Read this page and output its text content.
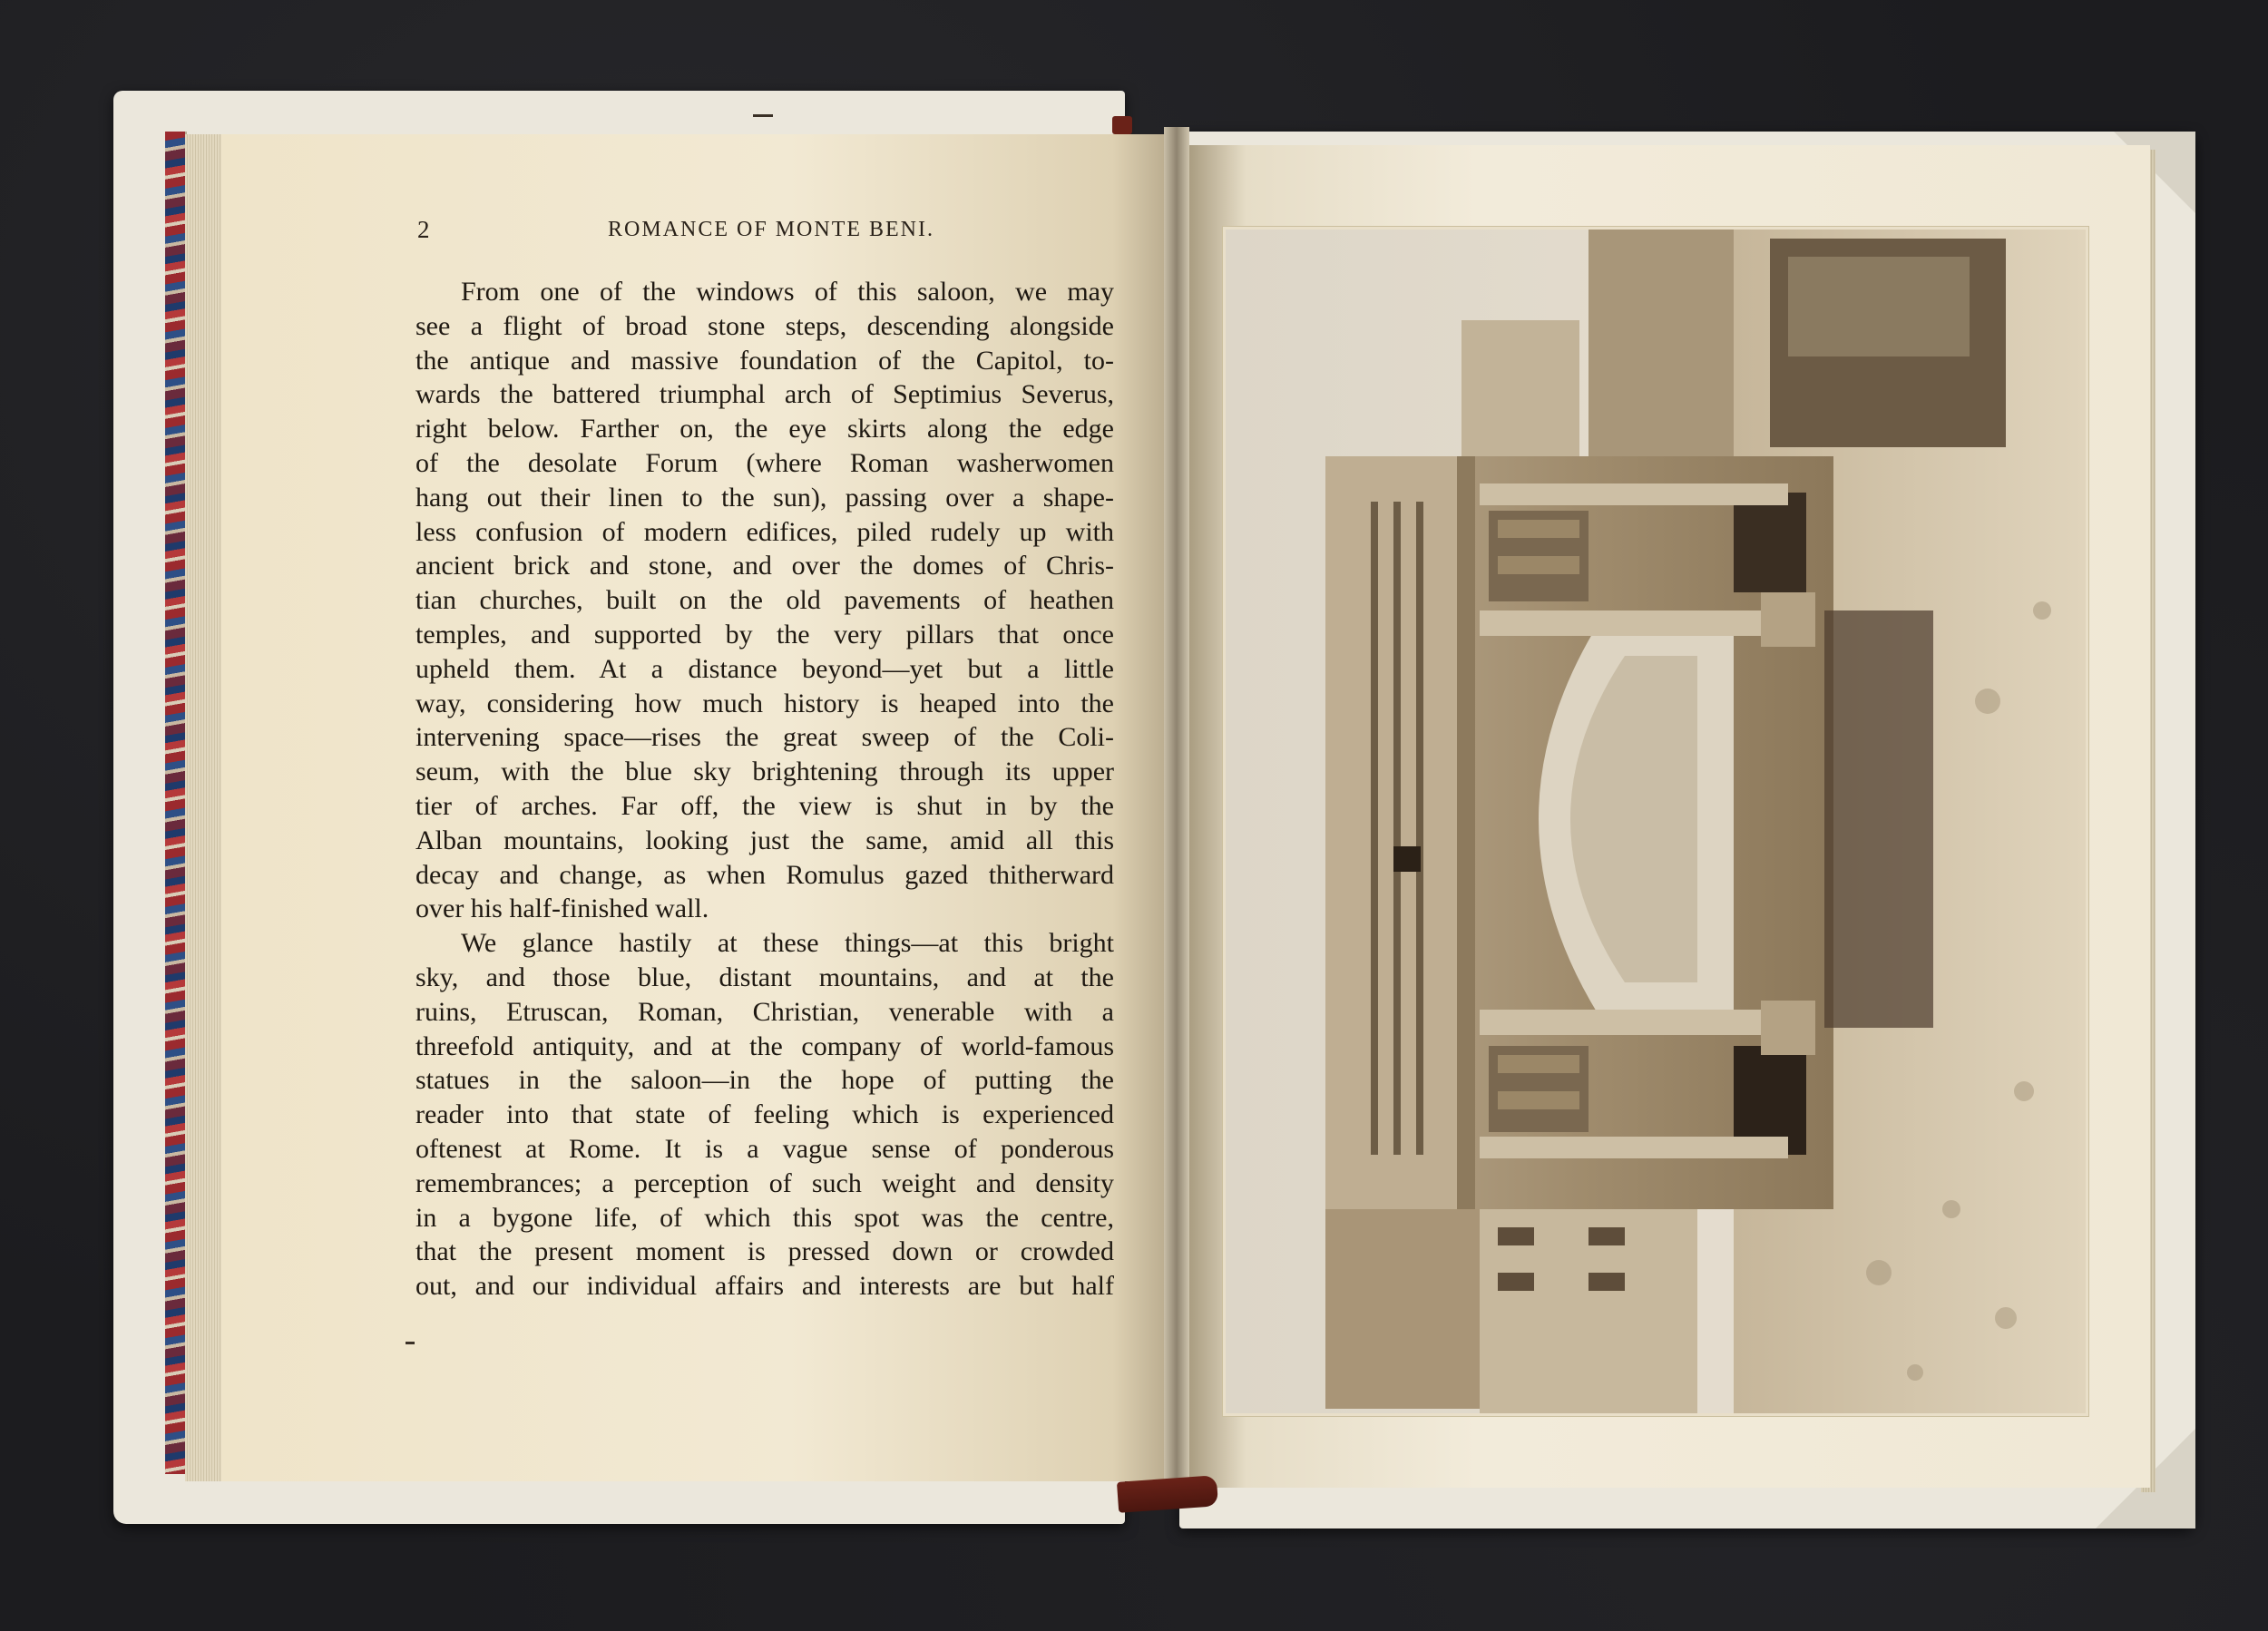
2	ROMANCE OF MONTE BENI.
From one of the windows of this saloon, we may
see a flight of broad stone steps, descending alongside
the antique and massive foundation of the Capitol, to-
wards the battered triumphal arch of Septimius Severus,
right below. Farther on, the eye skirts along the edge
of the desolate Forum (where Roman washerwomen
hang out their linen to the sun), passing over a shape-
less confusion of modern edifices, piled rudely up with
ancient brick and stone, and over the domes of Chris-
tian churches, built on the old pavements of heathen
temples, and supported by the very pillars that once
upheld them. At a distance beyond—yet but a little
way, considering how much history is heaped into the
intervening space—rises the great sweep of the Coli-
seum, with the blue sky brightening through its upper
tier of arches. Far off, the view is shut in by the
Alban mountains, looking just the same, amid all this
decay and change, as when Romulus gazed thitherward
over his half-finished wall.
We glance hastily at these things—at this bright
sky, and those blue, distant mountains, and at the
ruins, Etruscan, Roman, Christian, venerable with a
threefold antiquity, and at the company of world-famous
statues in the saloon—in the hope of putting the
reader into that state of feeling which is experienced
oftenest at Rome. It is a vague sense of ponderous
remembrances; a perception of such weight and density
in a bygone life, of which this spot was the centre,
that the present moment is pressed down or crowded
out, and our individual affairs and interests are but half
